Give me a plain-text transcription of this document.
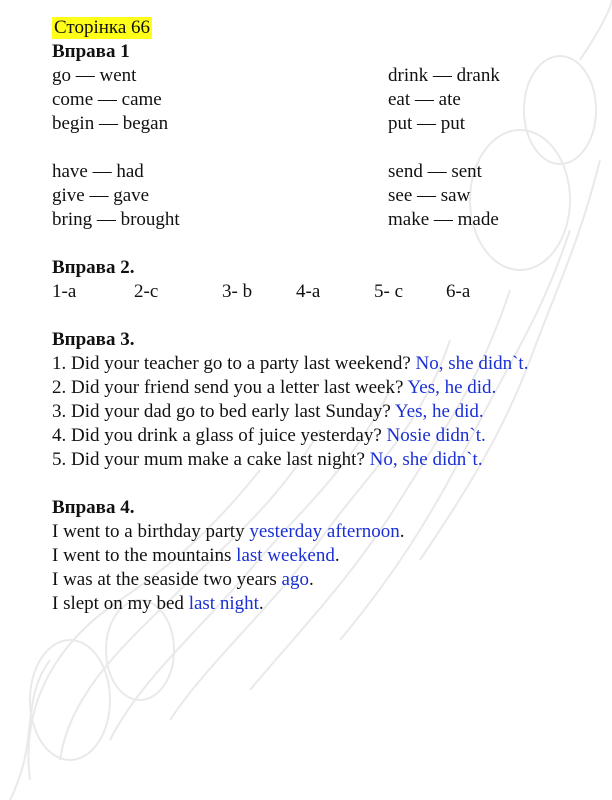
Сторінка 66
Вправа 1
go — went	drink — drank
come — came	eat — ate
begin — began	put — put
have — had	send — sent
give — gave	see — saw
bring — brought	make — made
Вправа 2.
1-a	2-c	3- b 4-a	5- c 6-a
Вправа 3.
1. Did your teacher go to a party last weekend? No, she didn`t.
2. Did your friend send you a letter last week? Yes, he did.
3. Did your dad go to bed early last Sunday? Yes, he did.
4. Did you drink a glass of juice yesterday? Nosie didn`t.
5. Did your mum make a cake last night? No, she didn`t.
Вправа 4.
I went to a birthday party yesterday afternoon.
I went to the mountains last weekend.
I was at the seaside two years ago.
I slept on my bed last night.
